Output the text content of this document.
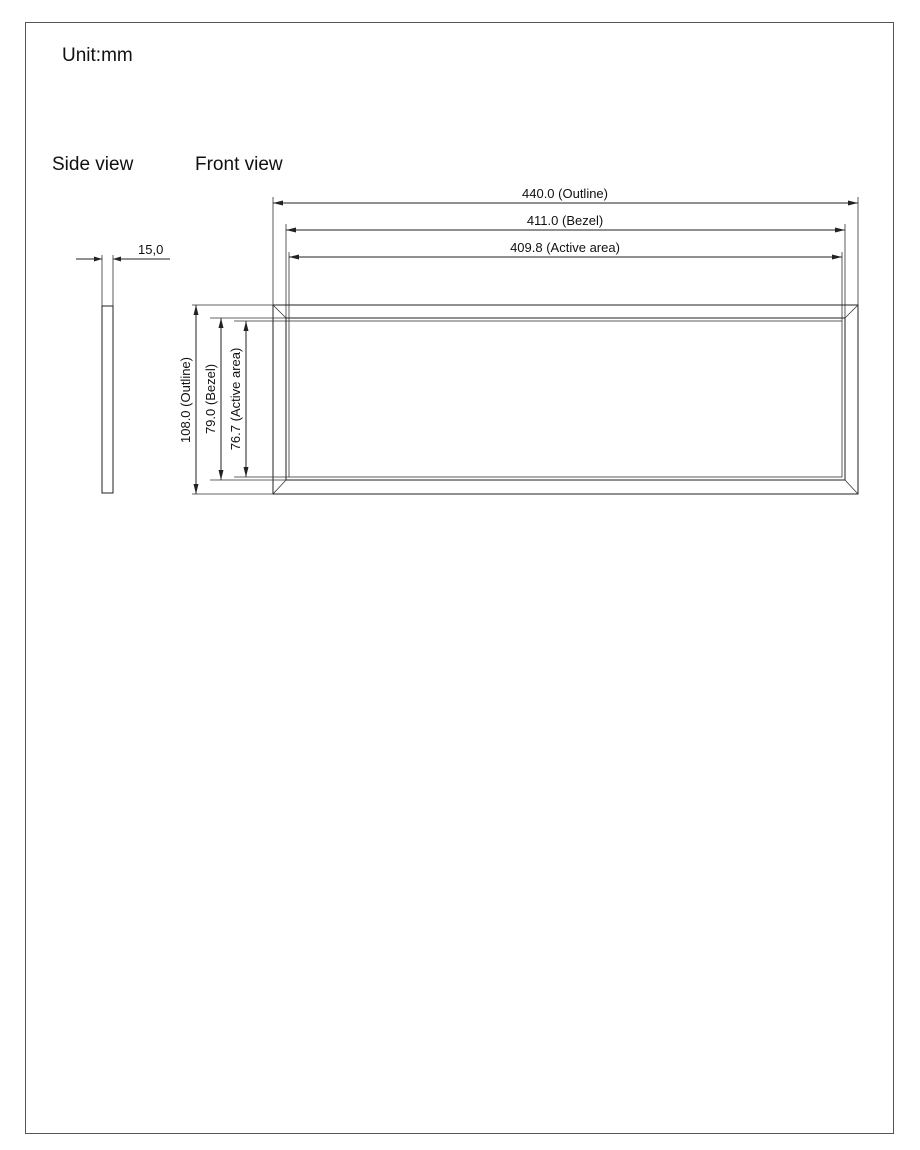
Unit:mm
Side view	Front view
15,0
440.0 (Outline)
411.0 (Bezel)
409.8 (Active area)
108.0 (Outline) 79.0 (Bezel) 76.7 (Active area)
